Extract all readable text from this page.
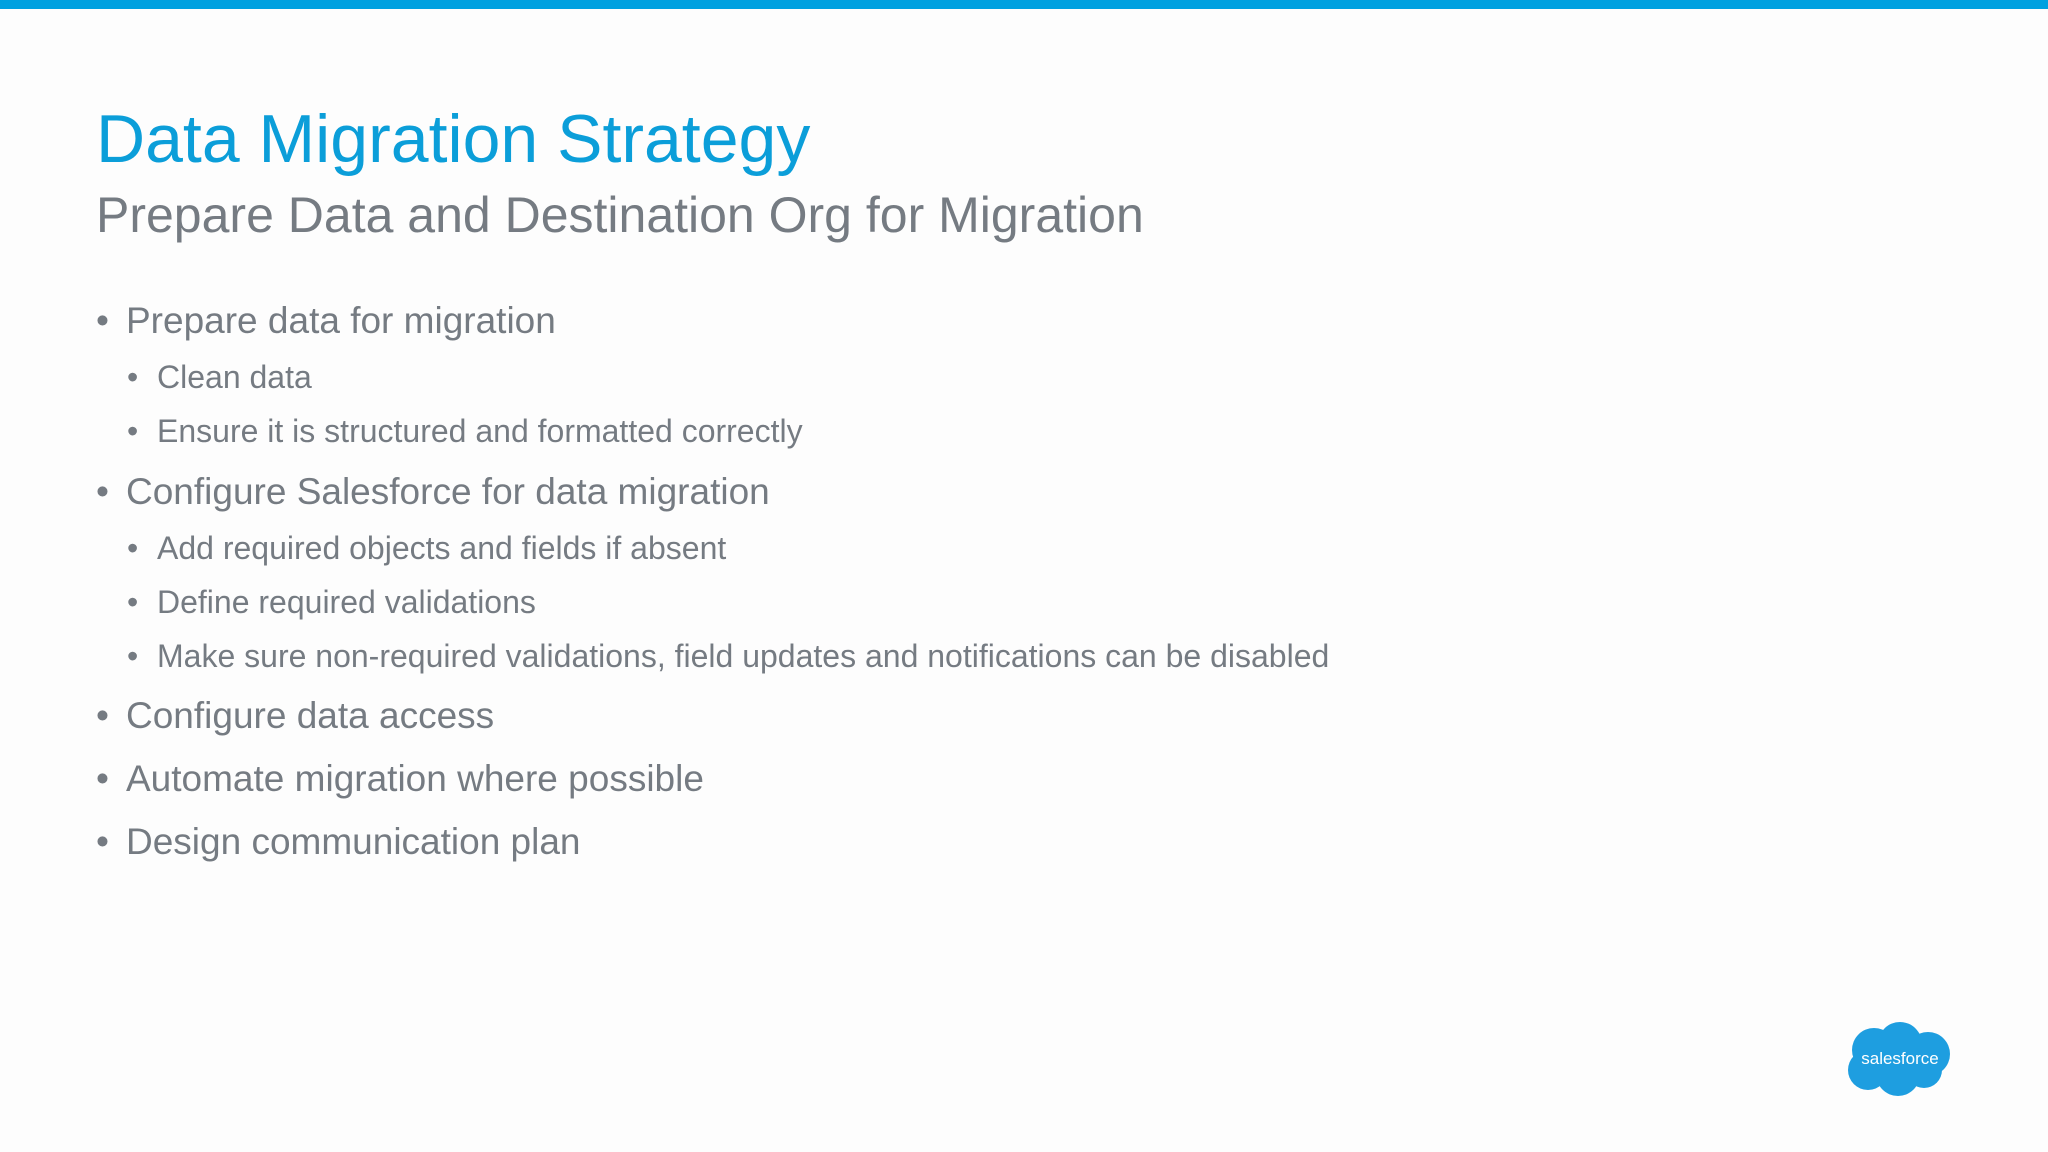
Data Migration Strategy
Prepare Data and Destination Org for Migration
• Prepare data for migration
• Clean data
• Ensure it is structured and formatted correctly
• Configure Salesforce for data migration
• Add required objects and fields if absent
• Define required validations
• Make sure non-required validations, field updates and notifications can be disabled
• Configure data access
• Automate migration where possible
• Design communication plan
salesforce
